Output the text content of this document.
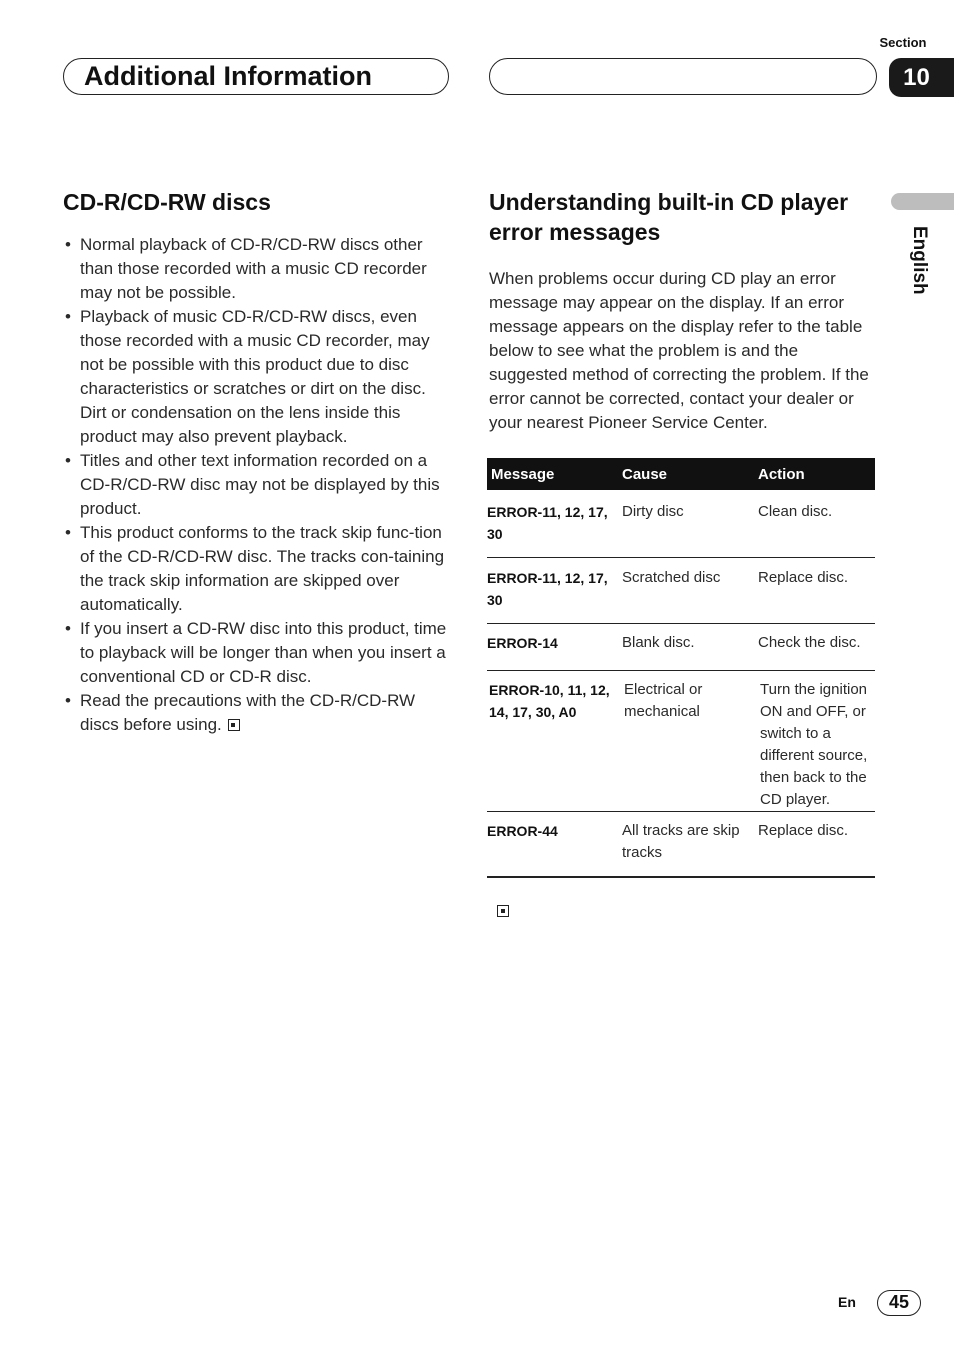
Section
Additional Information	10
English
CD-R/CD-RW discs
• Normal playback of CD-R/CD-RW discs other than those recorded with a music CD recorder may not be possible.
• Playback of music CD-R/CD-RW discs, even those recorded with a music CD recorder, may not be possible with this product due to disc characteristics or scratches or dirt on the disc. Dirt or condensation on the lens inside this product may also prevent playback.
• Titles and other text information recorded on a CD-R/CD-RW disc may not be displayed by this product.
• This product conforms to the track skip func-tion of the CD-R/CD-RW disc. The tracks con-taining the track skip information are skipped over automatically.
• If you insert a CD-RW disc into this product, time to playback will be longer than when you insert a conventional CD or CD-R disc.
• Read the precautions with the CD-R/CD-RW discs before using.
Understanding built-in CD player error messages

When problems occur during CD play an error message may appear on the display. If an error message appears on the display refer to the table below to see what the problem is and the suggested method of correcting the problem. If the error cannot be corrected, contact your dealer or your nearest Pioneer Service Center.

Message	Cause	Action
ERROR-11, 12, 17, 30	Dirty disc	Clean disc.
ERROR-11, 12, 17, 30	Scratched disc	Replace disc.
ERROR-14	Blank disc.	Check the disc.
ERROR-10, 11, 12, 14, 17, 30, A0	Electrical or mechanical	Turn the ignition ON and OFF, or switch to a different source, then back to the CD player.
ERROR-44	All tracks are skip tracks	Replace disc.
En	45
